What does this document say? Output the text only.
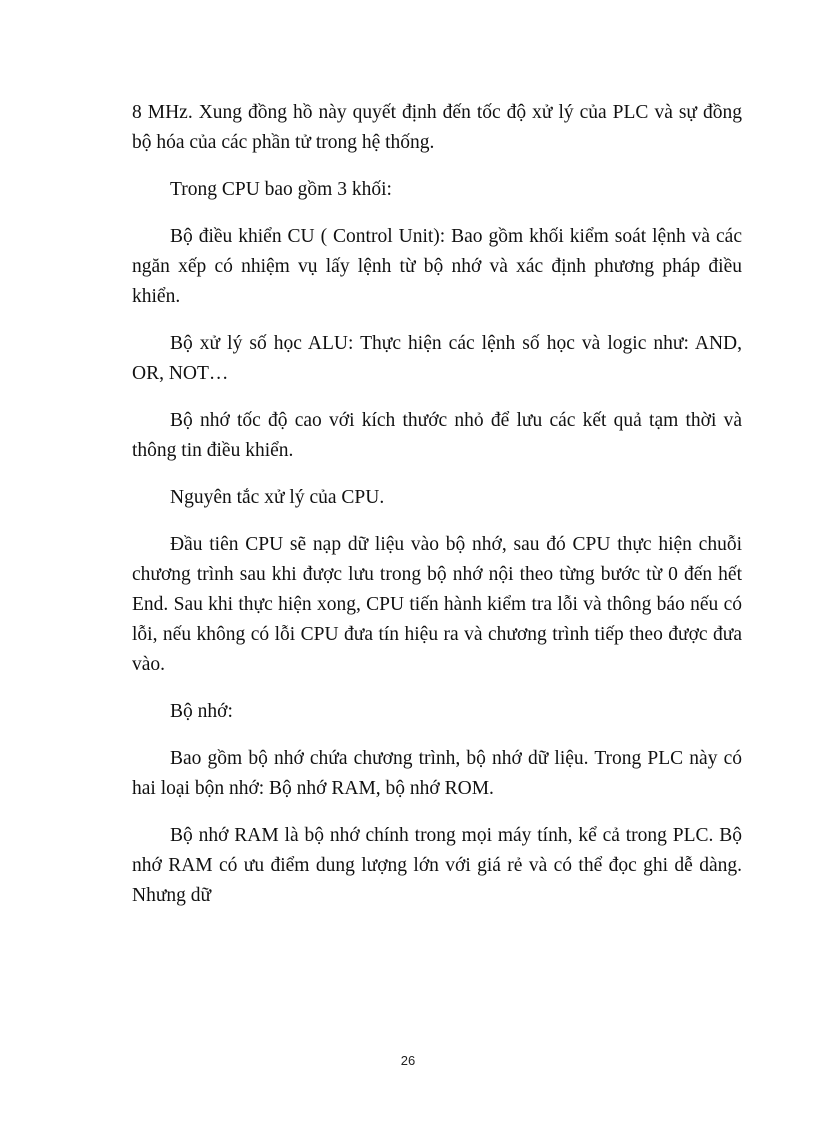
8 MHz. Xung đồng hồ này quyết định đến tốc độ xử lý của PLC và sự đồng bộ hóa của các phần tử trong hệ thống.

Trong CPU bao gồm 3 khối:

Bộ điều khiển CU ( Control Unit): Bao gồm khối kiểm soát lệnh và các ngăn xếp có nhiệm vụ lấy lệnh từ bộ nhớ và xác định phương pháp điều khiển.

Bộ xử lý số học ALU: Thực hiện các lệnh số học và logic như: AND, OR, NOT…

Bộ nhớ tốc độ cao với kích thước nhỏ để lưu các kết quả tạm thời và thông tin điều khiển.

Nguyên tắc xử lý của CPU.

Đầu tiên CPU sẽ nạp dữ liệu vào bộ nhớ, sau đó CPU thực hiện chuỗi chương trình sau khi được lưu trong bộ nhớ nội theo từng bước từ 0 đến hết End. Sau khi thực hiện xong, CPU tiến hành kiểm tra lỗi và thông báo nếu có lỗi, nếu không có lỗi CPU đưa tín hiệu ra và chương trình tiếp theo được đưa vào.

Bộ nhớ:

Bao gồm bộ nhớ chứa chương trình, bộ nhớ dữ liệu. Trong PLC này có hai loại bộn nhớ: Bộ nhớ RAM, bộ nhớ ROM.

Bộ nhớ RAM là bộ nhớ chính trong mọi máy tính, kể cả trong PLC. Bộ nhớ RAM có ưu điểm dung lượng lớn với giá rẻ và có thể đọc ghi dễ dàng. Nhưng dữ

26
